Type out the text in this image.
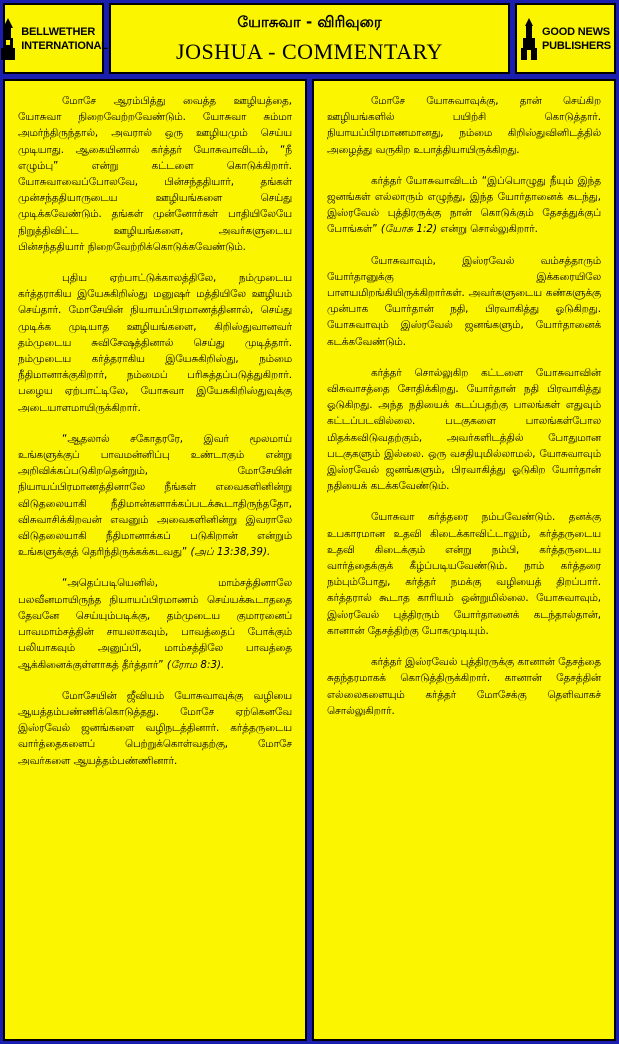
BELLWETHER
INTERNATIONAL
யோசுவா - விரிவுரை
JOSHUA - COMMENTARY
GOOD NEWS
PUBLISHERS

மோசே ஆரம்பித்து வைத்த ஊழியத்தை, யோசுவா நிறைவேற்றவேண்டும். யோசுவா சும்மா அமர்ந்திருந்தால், அவரால் ஒரு ஊழியமும் செய்ய முடியாது. ஆகையினால் கர்த்தர் யோசுவாவிடம், “நீ எழும்பு” என்று கட்டளை கொடுக்கிறார். யோசுவாவைப்போலவே, பின்சந்ததியார், தங்கள் முன்சந்ததியாருடைய ஊழியங்களை செய்து முடிக்கவேண்டும். தங்கள் முன்னோர்கள் பாதியிலேயே நிறுத்திவிட்ட ஊழியங்களை, அவர்களுடைய பின்சந்ததியார் நிறைவேற்றிக்கொடுக்கவேண்டும்.

புதிய ஏற்பாட்டுக்காலத்திலே, நம்முடைய கர்த்தராகிய இயேசுகிறிஸ்து மனுஷர் மத்தியிலே ஊழியம் செய்தார். மோசேயின் நியாயப்பிரமாணத்தினால், செய்து முடிக்க முடியாத ஊழியங்களை, கிறிஸ்துவானவர் தம்முடைய சுவிசேஷத்தினால் செய்து முடித்தார். நம்முடைய கர்த்தராகிய இயேசுகிறிஸ்து, நம்மை நீதிமானாக்குகிறார், நம்மைப் பரிசுத்தப்படுத்துகிறார். பழைய ஏற்பாட்டிலே, யோசுவா இயேசுகிறிஸ்துவுக்கு அடையாளமாயிருக்கிறார்.

“ஆதலால் சகோதரரே, இவர் மூலமாய் உங்களுக்குப் பாவமன்னிப்பு உண்டாகும் என்று அறிவிக்கப்படுகிறதென்றும், மோசேயின் நியாயப்பிரமாணத்தினாலே நீங்கள் எவைகளினின்று விடுதலையாகி நீதிமான்களாக்கப்படக்கூடாதிருந்ததோ, விசுவாசிக்கிறவன் எவனும் அவைகளினின்று இவராலே விடுதலையாகி நீதிமானாக்கப் படுகிறான் என்றும் உங்களுக்குத் தெரிந்திருக்கக்கடவது” (அப் 13:38,39).

“அதெப்படியெனில், மாம்சத்தினாலே பலவீனமாயிருந்த நியாயப்பிரமாணம் செய்யக்கூடாததை தேவனே செய்யும்படிக்கு, தம்முடைய குமாரனைப் பாவமாம்சத்தின் சாயலாகவும், பாவத்தைப் போக்கும் பலியாகவும் அனுப்பி, மாம்சத்திலே பாவத்தை ஆக்கினைக்குள்ளாகத் தீர்த்தார்” (ரோம 8:3).

மோசேயின் ஜீவியம் யோசுவாவுக்கு வழியை ஆயத்தம்பண்ணிக்கொடுத்தது. மோசே ஏற்கெனவே இஸ்ரவேல் ஜனங்களை வழிநடத்தினார். கர்த்தருடைய வார்த்தைகளைப் பெற்றுக்கொள்வதற்கு, மோசே அவர்களை ஆயத்தம்பண்ணினார்.

மோசே யோசுவாவுக்கு, தான் செய்கிற ஊழியங்களில் பயிற்சி கொடுத்தார். நியாயப்பிரமாணமானது, நம்மை கிறிஸ்துவினிடத்தில் அழைத்து வருகிற உபாத்தியாயிருக்கிறது.

கர்த்தர் யோசுவாவிடம் “இப்பொழுது நீயும் இந்த ஜனங்கள் எல்லாரும் எழுந்து, இந்த யோர்தானைக் கடந்து, இஸ்ரவேல் புத்திரருக்கு நான் கொடுக்கும் தேசத்துக்குப் போங்கள்” (யோசு 1:2) என்று சொல்லுகிறார்.

யோசுவாவும், இஸ்ரவேல் வம்சத்தாரும் யோர்தானுக்கு இக்கரையிலே பாளயமிறங்கியிருக்கிறார்கள். அவர்களுடைய கண்களுக்கு முன்பாக யோர்தான் நதி, பிரவாகித்து ஓடுகிறது. யோசுவாவும் இஸ்ரவேல் ஜனங்களும், யோர்தானைக் கடக்கவேண்டும்.

கர்த்தர் சொல்லுகிற கட்டளை யோசுவாவின் விசுவாசத்தை சோதிக்கிறது. யோர்தான் நதி பிரவாகித்து ஓடுகிறது. அந்த நதியைக் கடப்பதற்கு பாலங்கள் எதுவும் கட்டப்படவில்லை. படகுகளை பாலங்கள்போல மிதக்கவிடுவதற்கும், அவர்களிடத்தில் போதுமான படகுகளும் இல்லை. ஒரு வசதியுமில்லாமல், யோசுவாவும் இஸ்ரவேல் ஜனங்களும், பிரவாகித்து ஓடுகிற யோர்தான் நதியைக் கடக்கவேண்டும்.

யோசுவா கர்த்தரை நம்பவேண்டும். தனக்கு உபகாரமான உதவி கிடைக்காவிட்டாலும், கர்த்தருடைய உதவி கிடைக்கும் என்று நம்பி, கர்த்தருடைய வார்த்தைக்குக் கீழ்ப்படியவேண்டும். நாம் கர்த்தரை நம்பும்போது, கர்த்தர் நமக்கு வழியைத் திறப்பார். கர்த்தரால் கூடாத காரியம் ஒன்றுமில்லை. யோசுவாவும், இஸ்ரவேல் புத்திரரும் யோர்தானைக் கடந்தால்தான், கானான் தேசத்திற்கு போகமுடியும்.

கர்த்தர் இஸ்ரவேல் புத்திரருக்கு கானான் தேசத்தை சுதந்தரமாகக் கொடுத்திருக்கிறார். கானான் தேசத்தின் எல்லைகளையும் கர்த்தர் மோசேக்கு தெளிவாகச் சொல்லுகிறார்.
